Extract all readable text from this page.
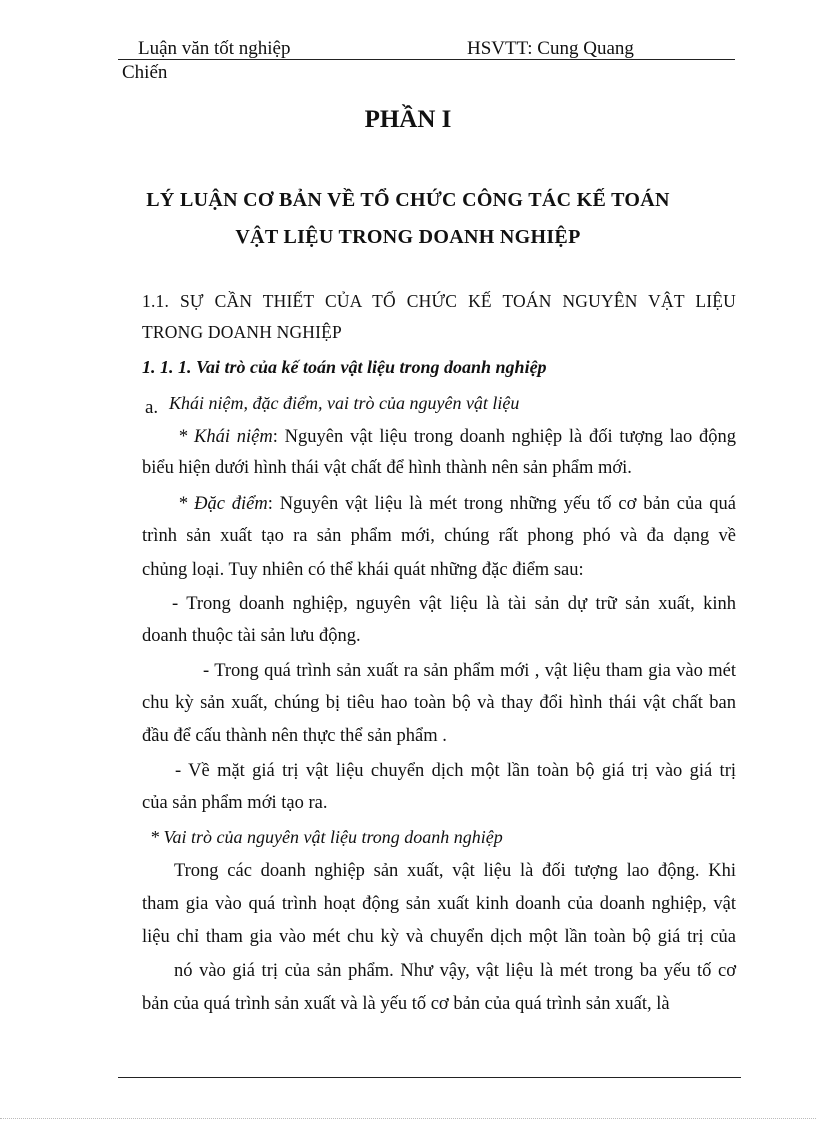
Luận văn tốt nghiệp	HSVTT: Cung Quang
Chiến
PHẦN I
LÝ LUẬN CƠ BẢN VỀ TỔ CHỨC CÔNG TÁC KẾ TOÁN
VẬT LIỆU TRONG DOANH NGHIỆP
1.1. SỰ CẦN THIẾT CỦA TỔ CHỨC KẾ TOÁN NGUYÊN VẬT LIỆU
TRONG DOANH NGHIỆP
1. 1. 1. Vai trò của kế toán vật liệu trong doanh nghiệp
a. Khái niệm, đặc điểm, vai trò của nguyên vật liệu
* Khái niệm: Nguyên vật liệu trong doanh nghiệp là đối tượng lao động
biểu hiện dưới hình thái vật chất để hình thành nên sản phẩm mới.
* Đặc điểm: Nguyên vật liệu là mét trong những yếu tố cơ bản của quá
trình sản xuất tạo ra sản phẩm mới, chúng rất phong phó và đa dạng về
chủng loại. Tuy nhiên có thể khái quát những đặc điểm sau:
- Trong doanh nghiệp, nguyên vật liệu là tài sản dự trữ sản xuất, kinh
doanh thuộc tài sản lưu động.
- Trong quá trình sản xuất ra sản phẩm mới , vật liệu tham gia vào mét
chu kỳ sản xuất, chúng bị tiêu hao toàn bộ và thay đổi hình thái vật chất ban
đầu để cấu thành nên thực thể sản phẩm .
- Về mặt giá trị vật liệu chuyển dịch một lần toàn bộ giá trị vào giá trị
của sản phẩm mới tạo ra.
* Vai trò của nguyên vật liệu trong doanh nghiệp
Trong các doanh nghiệp sản xuất, vật liệu là đối tượng lao động. Khi
tham gia vào quá trình hoạt động sản xuất kinh doanh của doanh nghiệp, vật
liệu chỉ tham gia vào mét chu kỳ và chuyển dịch một lần toàn bộ giá trị của
nó vào giá trị của sản phẩm. Như vậy, vật liệu là mét trong ba yếu tố cơ
bản của quá trình sản xuất và là yếu tố cơ bản của quá trình sản xuất, là
